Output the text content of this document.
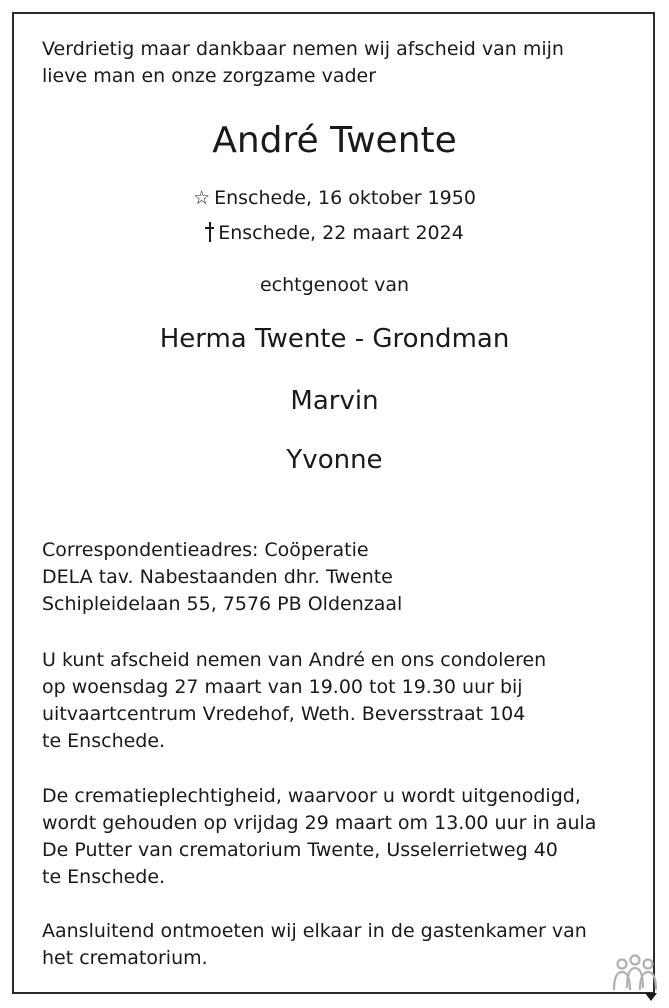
Verdrietig maar dankbaar nemen wij afscheid van mijn
lieve man en onze zorgzame vader
André Twente
☆ Enschede, 16 oktober 1950
Enschede, 22 maart 2024
echtgenoot van
Herma Twente - Grondman
Marvin
Yvonne
Correspondentieadres: Coöperatie
DELA tav. Nabestaanden dhr. Twente
Schipleidelaan 55, 7576 PB Oldenzaal
U kunt afscheid nemen van André en ons condoleren
op woensdag 27 maart van 19.00 tot 19.30 uur bij
uitvaartcentrum Vredehof, Weth. Beversstraat 104
te Enschede.
De crematieplechtigheid, waarvoor u wordt uitgenodigd,
wordt gehouden op vrijdag 29 maart om 13.00 uur in aula
De Putter van crematorium Twente, Usselerrietweg 40
te Enschede.
Aansluitend ontmoeten wij elkaar in de gastenkamer van
het crematorium.
